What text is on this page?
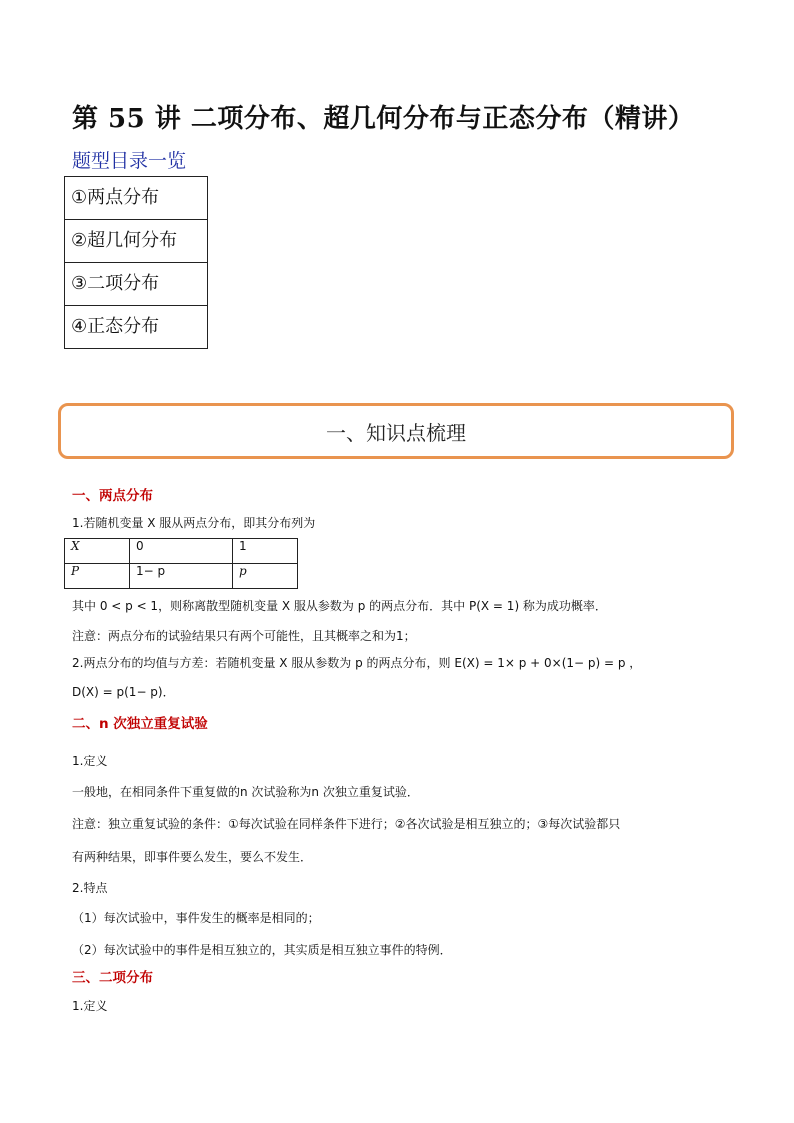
第 55 讲 二项分布、超几何分布与正态分布（精讲）
题型目录一览
①两点分布
②超几何分布
③二项分布
④正态分布
一、知识点梳理
一、两点分布
1.若随机变量 X 服从两点分布，即其分布列为
X	0	1
P	1− p	p
其中 0 < p < 1，则称离散型随机变量 X 服从参数为 p 的两点分布．其中 P(X = 1) 称为成功概率．
注意：两点分布的试验结果只有两个可能性，且其概率之和为1；
2.两点分布的均值与方差：若随机变量 X 服从参数为 p 的两点分布，则 E(X) = 1× p + 0×(1− p) = p ，
D(X) = p(1− p)．
二、n 次独立重复试验
1.定义
一般地，在相同条件下重复做的n 次试验称为n 次独立重复试验．
注意：独立重复试验的条件：①每次试验在同样条件下进行；②各次试验是相互独立的；③每次试验都只
有两种结果，即事件要么发生，要么不发生．
2.特点
（1）每次试验中，事件发生的概率是相同的；
（2）每次试验中的事件是相互独立的，其实质是相互独立事件的特例．
三、二项分布
1.定义
